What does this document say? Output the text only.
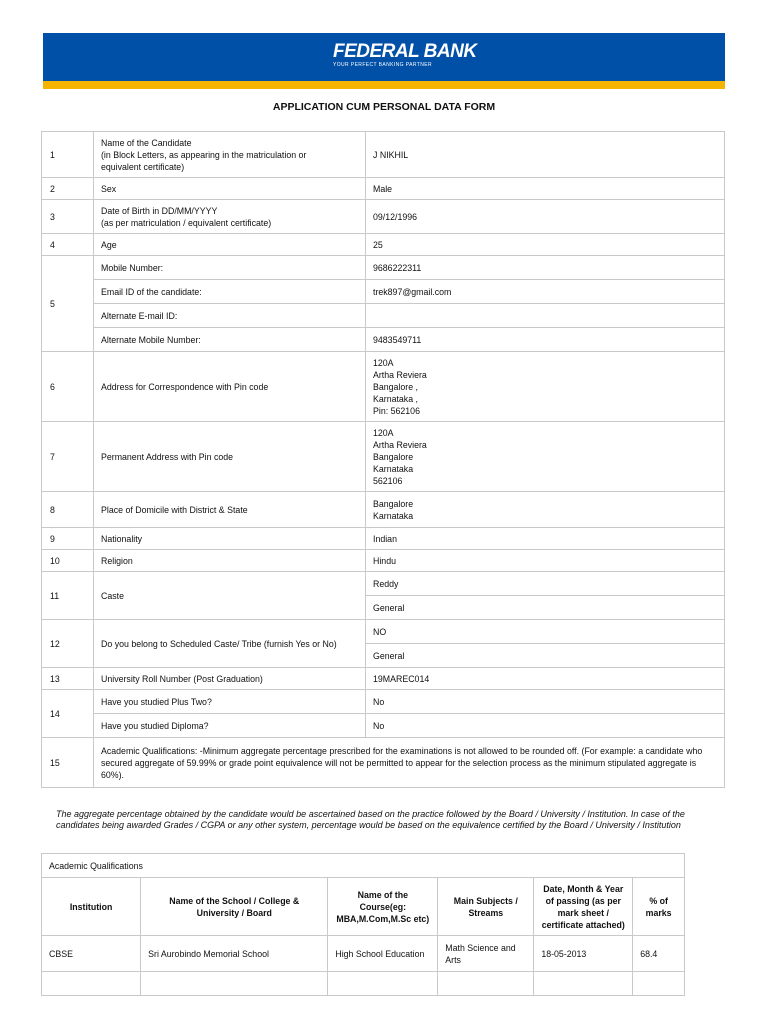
FEDERAL BANK
YOUR PERFECT BANKING PARTNER
APPLICATION CUM PERSONAL DATA FORM
1	Name of the Candidate
(in Block Letters, as appearing in the matriculation or
equivalent certificate)	J NIKHIL
2	Sex	Male
3	Date of Birth in DD/MM/YYYY
(as per matriculation / equivalent certificate)	09/12/1996
4	Age	25
5	Mobile Number:	9686222311
	Email ID of the candidate:	trek897@gmail.com
	Alternate E-mail ID:	
	Alternate Mobile Number:	9483549711
6	Address for Correspondence with Pin code	120A
Artha Reviera
Bangalore ,
Karnataka ,
Pin: 562106
7	Permanent Address with Pin code	120A
Artha Reviera
Bangalore
Karnataka
562106
8	Place of Domicile with District & State	Bangalore
Karnataka
9	Nationality	Indian
10	Religion	Hindu
11	Caste	Reddy
		General
12	Do you belong to Scheduled Caste/ Tribe (furnish Yes or No)	NO
		General
13	University Roll Number (Post Graduation)	19MAREC014
14	Have you studied Plus Two?	No
	Have you studied Diploma?	No
15	Academic Qualifications: -Minimum aggregate percentage prescribed for the examinations is not allowed to be rounded off. (For example: a candidate who secured aggregate of 59.99% or grade point equivalence will not be permitted to appear for the selection process as the minimum stipulated aggregate is 60%).	
The aggregate percentage obtained by the candidate would be ascertained based on the practice followed by the Board / University / Institution. In case of the candidates being awarded Grades / CGPA or any other system, percentage would be based on the equivalence certified by the Board / University / Institution
Academic Qualifications					
Institution	Name of the School / College & University / Board	Name of the Course(eg: MBA,M.Com,M.Sc etc)	Main Subjects / Streams	Date, Month & Year of passing (as per mark sheet / certificate attached)	% of marks
CBSE	Sri Aurobindo Memorial School	High School Education	Math Science and Arts	18-05-2013	68.4
